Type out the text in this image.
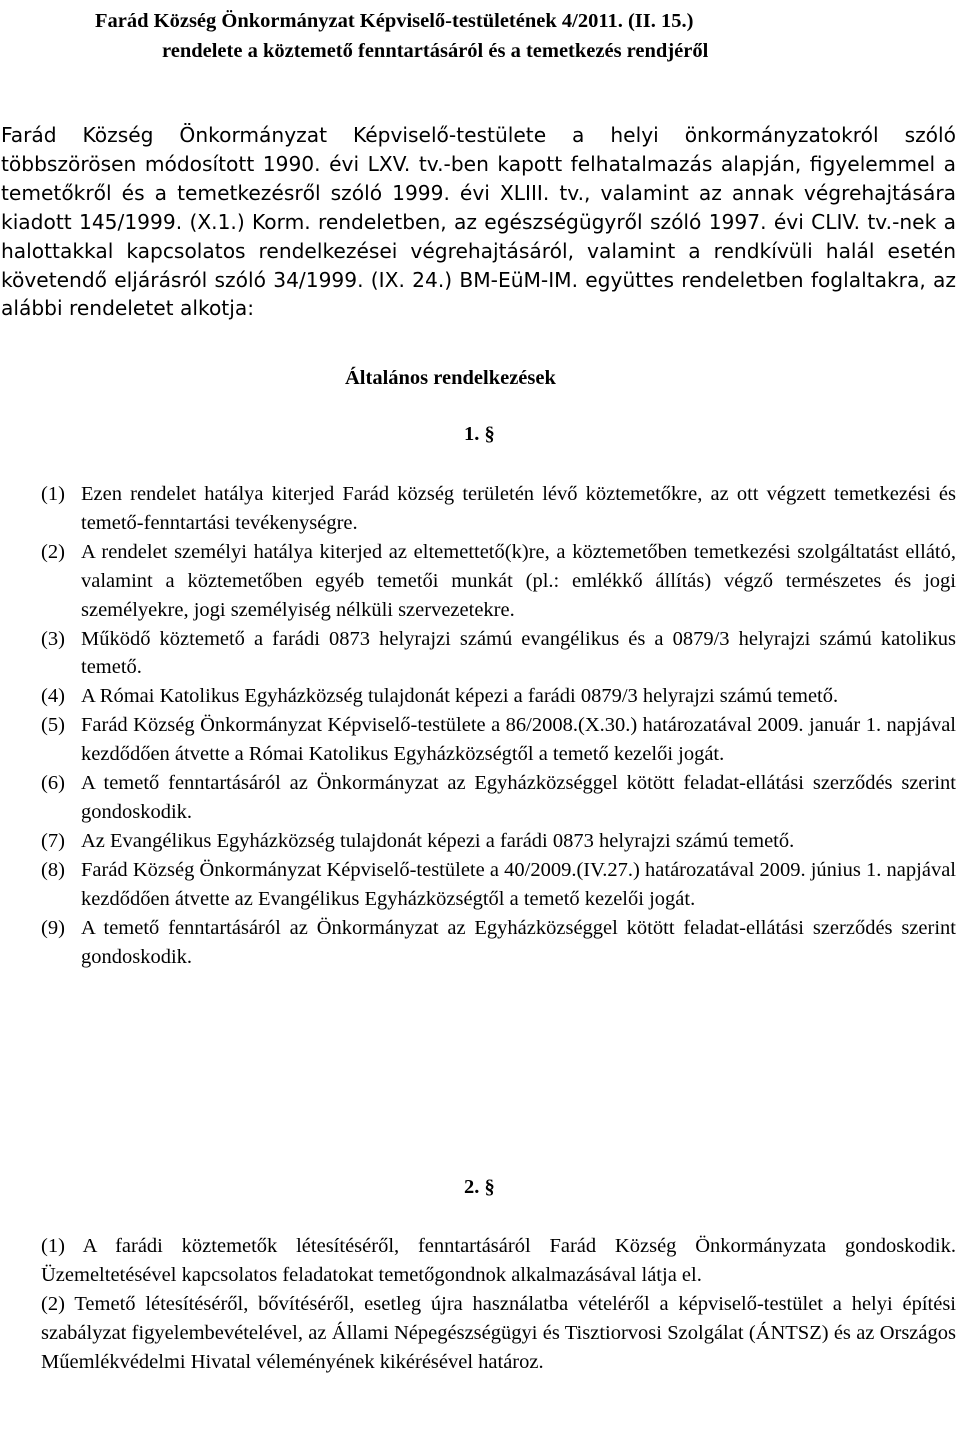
Farád Község Önkormányzat Képviselő-testületének 4/2011. (II. 15.)
rendelete a köztemető fenntartásáról és a temetkezés rendjéről
Farád Község Önkormányzat Képviselő-testülete a helyi önkormányzatokról szóló többszörösen módosított 1990. évi LXV. tv.-ben kapott felhatalmazás alapján, figyelemmel a temetőkről és a temetkezésről szóló 1999. évi XLIII. tv., valamint az annak végrehajtására kiadott 145/1999. (X.1.) Korm. rendeletben, az egészségügyről szóló 1997. évi CLIV. tv.-nek a halottakkal kapcsolatos rendelkezései végrehajtásáról, valamint a rendkívüli halál esetén követendő eljárásról szóló 34/1999. (IX. 24.) BM-EüM-IM. együttes rendeletben foglaltakra, az alábbi rendeletet alkotja:
Általános rendelkezések
1. §
(1) Ezen rendelet hatálya kiterjed Farád község területén lévő köztemetőkre, az ott végzett temetkezési és temető-fenntartási tevékenységre.
(2) A rendelet személyi hatálya kiterjed az eltemettető(k)re, a köztemetőben temetkezési szolgáltatást ellátó, valamint a köztemetőben egyéb temetői munkát (pl.: emlékkő állítás) végző természetes és jogi személyekre, jogi személyiség nélküli szervezetekre.
(3) Működő köztemető a farádi 0873 helyrajzi számú evangélikus és a 0879/3 helyrajzi számú katolikus temető.
(4) A Római Katolikus Egyházközség tulajdonát képezi a farádi 0879/3 helyrajzi számú temető.
(5) Farád Község Önkormányzat Képviselő-testülete a 86/2008.(X.30.) határozatával 2009. január 1. napjával kezdődően átvette a Római Katolikus Egyházközségtől a temető kezelői jogát.
(6) A temető fenntartásáról az Önkormányzat az Egyházközséggel kötött feladat-ellátási szerződés szerint gondoskodik.
(7) Az Evangélikus Egyházközség tulajdonát képezi a farádi 0873 helyrajzi számú temető.
(8) Farád Község Önkormányzat Képviselő-testülete a 40/2009.(IV.27.) határozatával 2009. június 1. napjával kezdődően átvette az Evangélikus Egyházközségtől a temető kezelői jogát.
(9) A temető fenntartásáról az Önkormányzat az Egyházközséggel kötött feladat-ellátási szerződés szerint gondoskodik.
2. §
(1) A farádi köztemetők létesítéséről, fenntartásáról Farád Község Önkormányzata gondoskodik. Üzemeltetésével kapcsolatos feladatokat temetőgondnok alkalmazásával látja el.
(2) Temető létesítéséről, bővítéséről, esetleg újra használatba vételéről a képviselő-testület a helyi építési szabályzat figyelembevételével, az Állami Népegészségügyi és Tisztiorvosi Szolgálat (ÁNTSZ) és az Országos Műemlékvédelmi Hivatal véleményének kikérésével határoz.
